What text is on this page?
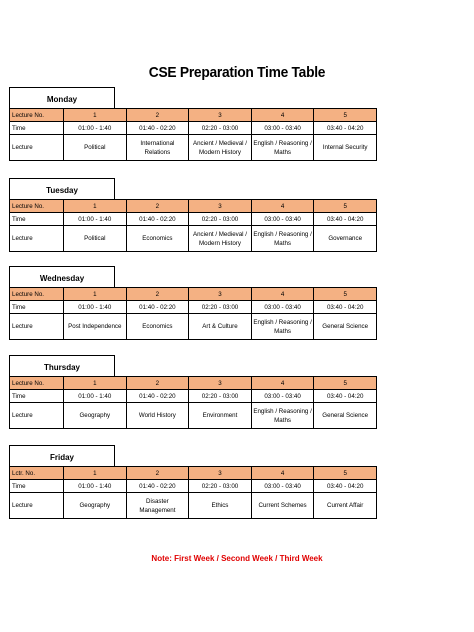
CSE Preparation Time Table
Monday
Lecture No.	1	2	3	4	5
Time	01:00 - 1:40	01:40 - 02:20	02:20 - 03:00	03:00 - 03:40	03:40 - 04:20
Lecture	Political	International Relations	Ancient / Medieval / Modern History	English / Reasoning / Maths	Internal Security
Tuesday
Lecture No.	1	2	3	4	5
Time	01:00 - 1:40	01:40 - 02:20	02:20 - 03:00	03:00 - 03:40	03:40 - 04:20
Lecture	Political	Economics	Ancient / Medieval / Modern History	English / Reasoning / Maths	Governance
Wednesday
Lecture No.	1	2	3	4	5
Time	01:00 - 1:40	01:40 - 02:20	02:20 - 03:00	03:00 - 03:40	03:40 - 04:20
Lecture	Post Independence	Economics	Art & Culture	English / Reasoning / Maths	General Science
Thursday
Lecture No.	1	2	3	4	5
Time	01:00 - 1:40	01:40 - 02:20	02:20 - 03:00	03:00 - 03:40	03:40 - 04:20
Lecture	Geography	World History	Environment	English / Reasoning / Maths	General Science
Friday
Lctr. No.	1	2	3	4	5
Time	01:00 - 1:40	01:40 - 02:20	02:20 - 03:00	03:00 - 03:40	03:40 - 04:20
Lecture	Geography	Disaster Management	Ethics	Current Schemes	Current Affair
Note: First Week / Second Week / Third Week
